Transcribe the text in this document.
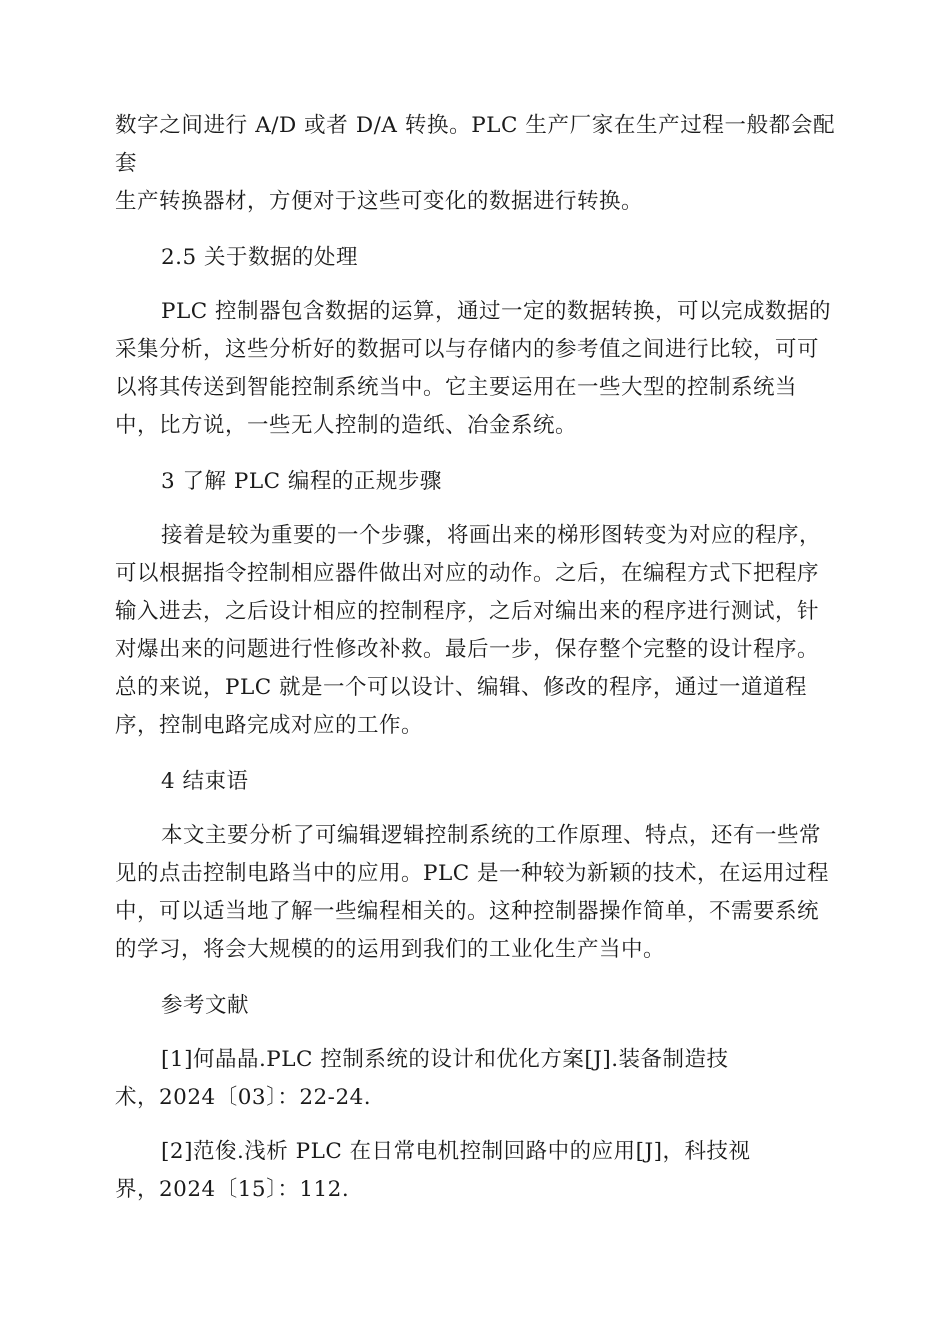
数字之间进行 A/D 或者 D/A 转换。PLC 生产厂家在生产过程一般都会配套
生产转换器材，方便对于这些可变化的数据进行转换。

2.5 关于数据的处理

PLC 控制器包含数据的运算，通过一定的数据转换，可以完成数据的
采集分析，这些分析好的数据可以与存储内的参考值之间进行比较，可可
以将其传送到智能控制系统当中。它主要运用在一些大型的控制系统当
中，比方说，一些无人控制的造纸、冶金系统。

3 了解 PLC 编程的正规步骤

接着是较为重要的一个步骤，将画出来的梯形图转变为对应的程序，
可以根据指令控制相应器件做出对应的动作。之后，在编程方式下把程序
输入进去，之后设计相应的控制程序，之后对编出来的程序进行测试，针
对爆出来的问题进行性修改补救。最后一步，保存整个完整的设计程序。
总的来说，PLC 就是一个可以设计、编辑、修改的程序，通过一道道程
序，控制电路完成对应的工作。

4 结束语

本文主要分析了可编辑逻辑控制系统的工作原理、特点，还有一些常
见的点击控制电路当中的应用。PLC 是一种较为新颖的技术，在运用过程
中，可以适当地了解一些编程相关的。这种控制器操作简单，不需要系统
的学习，将会大规模的的运用到我们的工业化生产当中。

参考文献

[1]何晶晶.PLC 控制系统的设计和优化方案[J].装备制造技
术，2024〔03〕：22-24.

[2]范俊.浅析 PLC 在日常电机控制回路中的应用[J]，科技视
界，2024〔15〕：112.
